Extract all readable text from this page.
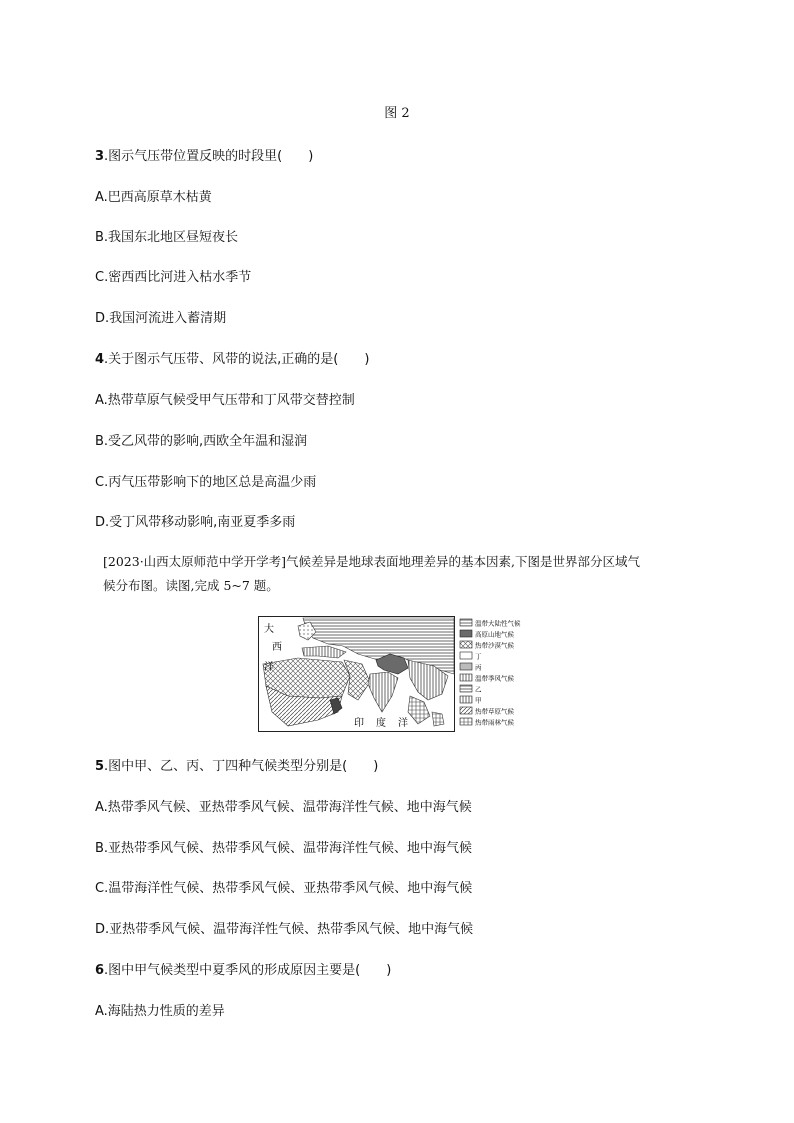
图 2
3.图示气压带位置反映的时段里(　　)
A.巴西高原草木枯黄
B.我国东北地区昼短夜长
C.密西西比河进入枯水季节
D.我国河流进入蓄清期
4.关于图示气压带、风带的说法,正确的是(　　)
A.热带草原气候受甲气压带和丁风带交替控制
B.受乙风带的影响,西欧全年温和湿润
C.丙气压带影响下的地区总是高温少雨
D.受丁风带移动影响,南亚夏季多雨
[2023·山西太原师范中学开学考]气候差异是地球表面地理差异的基本因素,下图是世界部分区域气
候分布图。读图,完成 5~7 题。
大
西
洋
印 度 洋
温带大陆性气候
高原山地气候
热带沙漠气候
丁
丙
温带季风气候
乙
甲
热带草原气候
热带雨林气候
5.图中甲、乙、丙、丁四种气候类型分别是(　　)
A.热带季风气候、亚热带季风气候、温带海洋性气候、地中海气候
B.亚热带季风气候、热带季风气候、温带海洋性气候、地中海气候
C.温带海洋性气候、热带季风气候、亚热带季风气候、地中海气候
D.亚热带季风气候、温带海洋性气候、热带季风气候、地中海气候
6.图中甲气候类型中夏季风的形成原因主要是(　　)
A.海陆热力性质的差异
